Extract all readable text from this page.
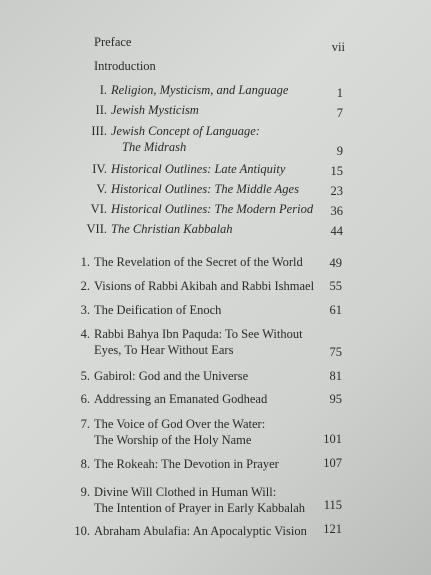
Preface	vii
Introduction
I. Religion, Mysticism, and Language	1
II. Jewish Mysticism	7
III. Jewish Concept of Language:
The Midrash	9
IV. Historical Outlines: Late Antiquity	15
V. Historical Outlines: The Middle Ages	23
VI. Historical Outlines: The Modern Period	36
VII. The Christian Kabbalah	44
1. The Revelation of the Secret of the World	49
2. Visions of Rabbi Akibah and Rabbi Ishmael	55
3. The Deification of Enoch	61
4. Rabbi Bahya Ibn Paquda: To See Without
Eyes, To Hear Without Ears	75
5. Gabirol: God and the Universe	81
6. Addressing an Emanated Godhead	95
7. The Voice of God Over the Water:
The Worship of the Holy Name	101
8. The Rokeah: The Devotion in Prayer	107
9. Divine Will Clothed in Human Will:
The Intention of Prayer in Early Kabbalah	115
10. Abraham Abulafia: An Apocalyptic Vision	121
